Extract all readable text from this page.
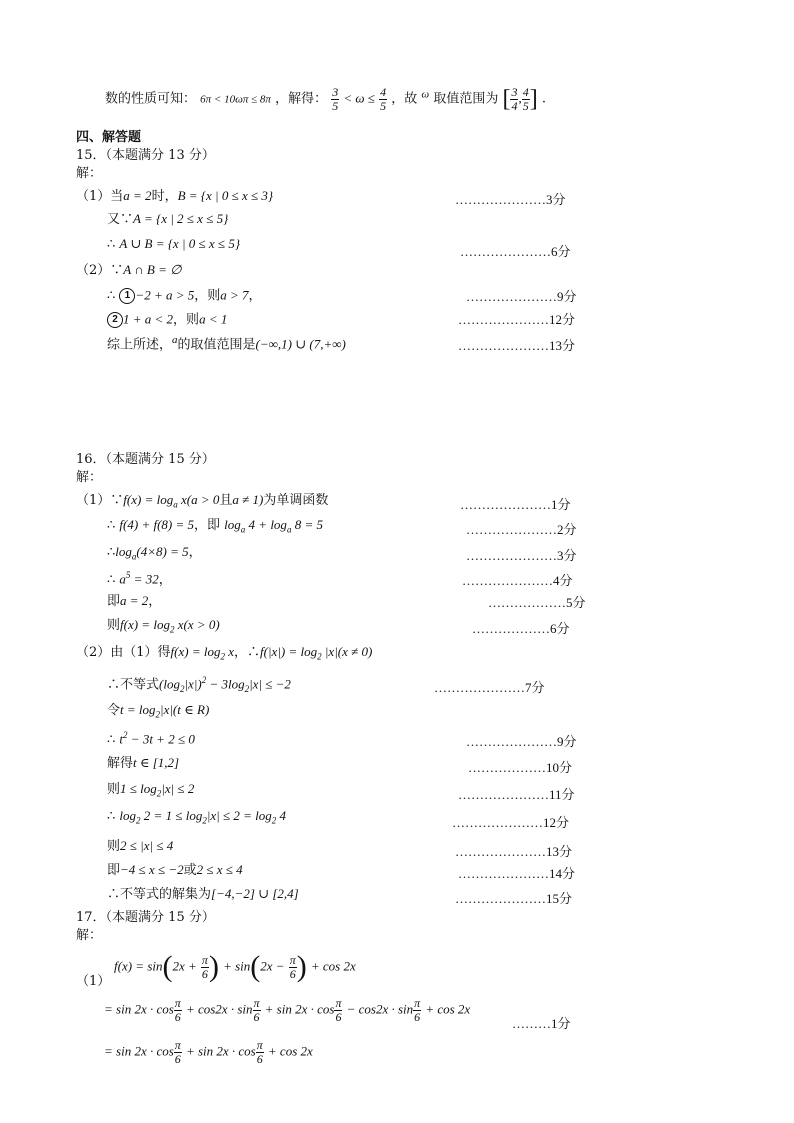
数的性质可知： 6π < 10ωπ ≤ 8π ，解得： $\frac{3}{5} < \omega \le \frac{4}{5}$ ，故 $^\omega$ 取值范围为 [ $\frac{3}{4}$ , $\frac{4}{5}$ ] .
四、解答题
15．（本题满分 13 分）
解：
（1）当a = 2时，B = {x | 0 ≤ x ≤ 3}	…………………3分
又∵A = {x | 2 ≤ x ≤ 5}
∴ A ∪ B = {x | 0 ≤ x ≤ 5}
…………………6分
（2）∵A ∩ B = ∅
∴ 1 −2 + a > 5，则a > 7，	…………………9分
2 1 + a < 2，则a < 1	…………………12分
综上所述，$^a$的取值范围是(−∞,1) ∪ (7,+∞)	…………………13分
16．（本题满分 15 分）
解：
（1）∵f(x) = $\log_a x(a > 0$且a ≠ 1)为单调函数	…………………1分
∴ f(4) + f(8) = 5，即 $\log_a 4 + \log_a 8 = 5$	…………………2分
$\therefore\log_a(4\times 8) = 5$，	…………………3分
∴ $a^5 = 32$，	…………………4分
即a = 2，	………………5分
则$f(x) = \log_2 x(x > 0)$	………………6分
（2）由（1）得$f(x) = \log_2 x$，∴f(|x|) = $\log_2 |x|(x \ne 0)$
∴不等式$(\log_2|x|)^2 - 3\log_2|x| \le -2$	…………………7分
令$t = \log_2|x|(t$ ∈ R)
∴ $t^2 - 3t + 2 \le 0$	…………………9分
解得t ∈ [1,2]	………………10分
则$1 \le \log_2|x| \le 2$	…………………11分
∴ $\log_2 2 = 1 \le \log_2|x| \le 2 = \log_2 4$	…………………12分
则2 ≤ |x| ≤ 4	…………………13分
即−4 ≤ x ≤ −2或2 ≤ x ≤ 4	…………………14分
∴不等式的解集为[−4,−2] ∪ [2,4]	…………………15分
17．（本题满分 15 分）
解：
（1）
$f(x) = \sin(2x + \frac{\pi}{6}$ ) + $\sin(2x - \frac{\pi}{6}$ ) + cos 2x
= $\sin 2x \cdot \cos \frac{\pi}{6} + \cos 2x \cdot \sin \frac{\pi}{6} + \sin 2x \cdot \cos \frac{\pi}{6} - \cos 2x \cdot \sin \frac{\pi}{6} + \cos 2x$
………1分
= $\sin 2x \cdot \cos \frac{\pi}{6} + \sin 2x \cdot \cos \frac{\pi}{6} + \cos 2x$
